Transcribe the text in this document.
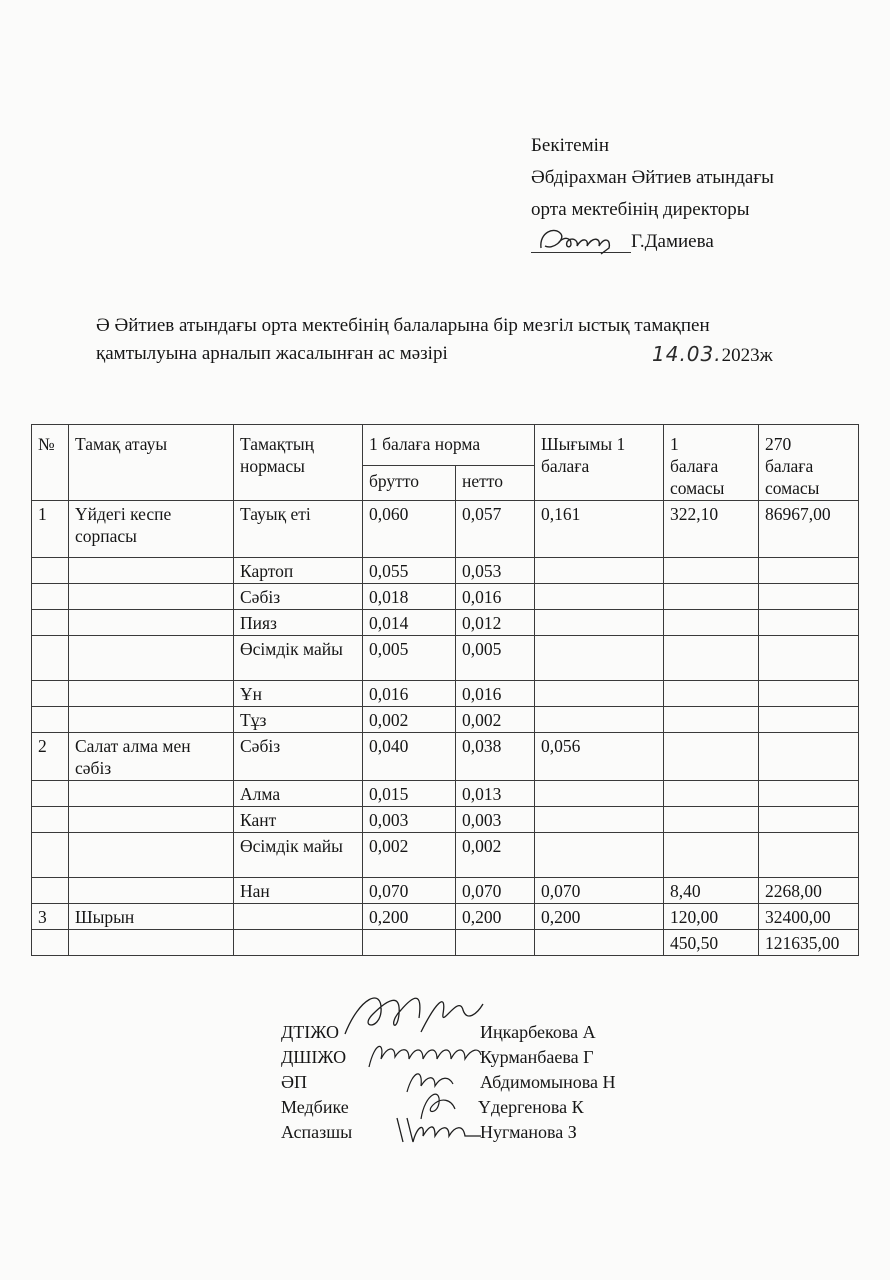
Бекітемін
Әбдірахман Әйтиев атындағы
орта мектебінің директоры
Г.Дамиева
Ә Әйтиев атындағы орта мектебінің балаларына бір мезгіл ыстық тамақпен
қамтылуына арналып жасалынған ас мәзірі	14.03.2023ж
№	Тамақ атауы	Тамақтың нормасы	1 балаға норма		Шығымы 1 балаға	1 балаға сомасы	270 балаға сомасы
			брутто	нетто			
1	Үйдегі кеспе сорпасы	Тауық еті	0,060	0,057	0,161	322,10	86967,00
		Картоп	0,055	0,053			
		Сәбіз	0,018	0,016			
		Пияз	0,014	0,012			
		Өсімдік майы	0,005	0,005			
		Ұн	0,016	0,016			
		Тұз	0,002	0,002			
2	Салат алма мен сәбіз	Сәбіз	0,040	0,038	0,056		
		Алма	0,015	0,013			
		Кант	0,003	0,003			
		Өсімдік майы	0,002	0,002			
		Нан	0,070	0,070	0,070	8,40	2268,00
3	Шырын		0,200	0,200	0,200	120,00	32400,00
						450,50	121635,00
ДТІЖО	Иңкарбекова А
ДШІЖО	Курманбаева Г
ӘП	Абдимомынова Н
Медбике	Үдергенова К
Аспазшы	Нугманова З
